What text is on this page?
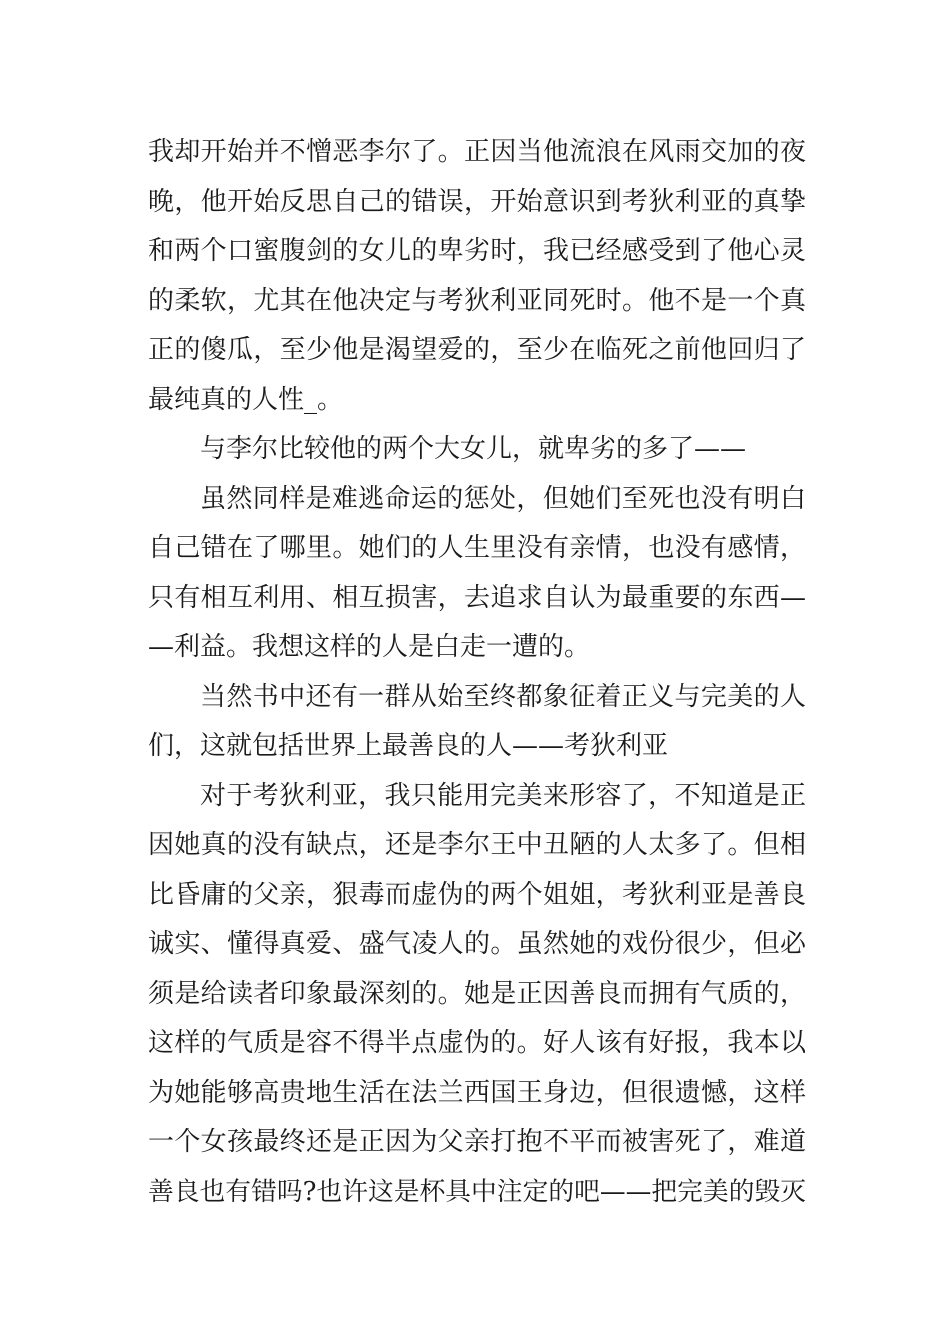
我却开始并不憎恶李尔了。正因当他流浪在风雨交加的夜
晚，他开始反思自己的错误，开始意识到考狄利亚的真挚
和两个口蜜腹剑的女儿的卑劣时，我已经感受到了他心灵
的柔软，尤其在他决定与考狄利亚同死时。他不是一个真
正的傻瓜，至少他是渴望爱的，至少在临死之前他回归了
最纯真的人性_。
与李尔比较他的两个大女儿，就卑劣的多了——
虽然同样是难逃命运的惩处，但她们至死也没有明白
自己错在了哪里。她们的人生里没有亲情，也没有感情，
只有相互利用、相互损害，去追求自认为最重要的东西—
—利益。我想这样的人是白走一遭的。
当然书中还有一群从始至终都象征着正义与完美的人
们，这就包括世界上最善良的人——考狄利亚
对于考狄利亚，我只能用完美来形容了，不知道是正
因她真的没有缺点，还是李尔王中丑陋的人太多了。但相
比昏庸的父亲，狠毒而虚伪的两个姐姐，考狄利亚是善良
诚实、懂得真爱、盛气凌人的。虽然她的戏份很少，但必
须是给读者印象最深刻的。她是正因善良而拥有气质的，
这样的气质是容不得半点虚伪的。好人该有好报，我本以
为她能够高贵地生活在法兰西国王身边，但很遗憾，这样
一个女孩最终还是正因为父亲打抱不平而被害死了，难道
善良也有错吗?也许这是杯具中注定的吧——把完美的毁灭
